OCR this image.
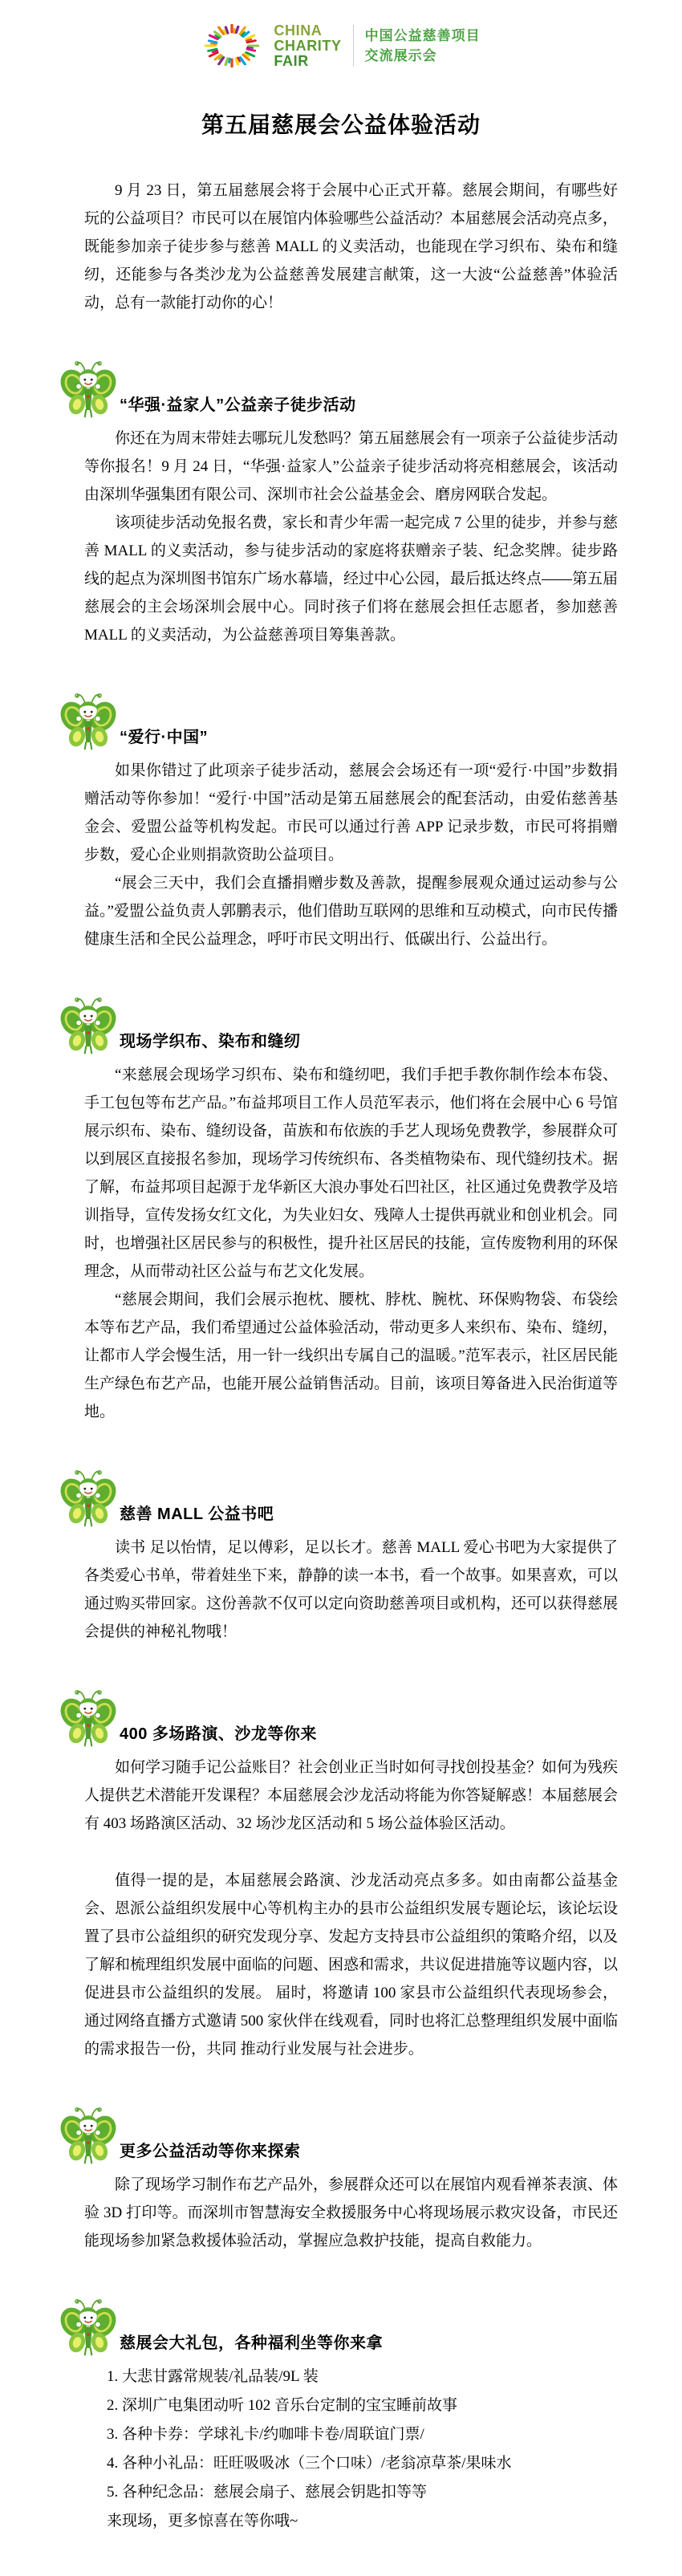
CHINA
CHARITY
FAIR
中国公益慈善项目
交流展示会
第五届慈展会公益体验活动

9 月 23 日，第五届慈展会将于会展中心正式开幕。慈展会期间，有哪些好玩的公益项目？市民可以在展馆内体验哪些公益活动？本届慈展会活动亮点多，既能参加亲子徒步参与慈善 MALL 的义卖活动，也能现在学习织布、染布和缝纫，还能参与各类沙龙为公益慈善发展建言献策，这一大波“公益慈善”体验活动，总有一款能打动你的心！

“华强·益家人”公益亲子徒步活动

你还在为周末带娃去哪玩儿发愁吗？第五届慈展会有一项亲子公益徒步活动等你报名！9 月 24 日，“华强·益家人”公益亲子徒步活动将亮相慈展会，该活动由深圳华强集团有限公司、深圳市社会公益基金会、磨房网联合发起。

该项徒步活动免报名费，家长和青少年需一起完成 7 公里的徒步，并参与慈善 MALL 的义卖活动，参与徒步活动的家庭将获赠亲子装、纪念奖牌。徒步路线的起点为深圳图书馆东广场水幕墙，经过中心公园，最后抵达终点——第五届慈展会的主会场深圳会展中心。同时孩子们将在慈展会担任志愿者，参加慈善 MALL 的义卖活动，为公益慈善项目筹集善款。

“爱行·中国”

如果你错过了此项亲子徒步活动，慈展会会场还有一项“爱行·中国”步数捐赠活动等你参加！“爱行·中国”活动是第五届慈展会的配套活动，由爱佑慈善基金会、爱盟公益等机构发起。市民可以通过行善 APP 记录步数，市民可将捐赠步数，爱心企业则捐款资助公益项目。

“展会三天中，我们会直播捐赠步数及善款，提醒参展观众通过运动参与公益。”爱盟公益负责人郭鹏表示，他们借助互联网的思维和互动模式，向市民传播健康生活和全民公益理念，呼吁市民文明出行、低碳出行、公益出行。

现场学织布、染布和缝纫

“来慈展会现场学习织布、染布和缝纫吧，我们手把手教你制作绘本布袋、手工包包等布艺产品。”布益邦项目工作人员范军表示，他们将在会展中心 6 号馆展示织布、染布、缝纫设备，苗族和布依族的手艺人现场免费教学，参展群众可以到展区直接报名参加，现场学习传统织布、各类植物染布、现代缝纫技术。据了解，布益邦项目起源于龙华新区大浪办事处石凹社区，社区通过免费教学及培训指导，宣传发扬女红文化，为失业妇女、残障人士提供再就业和创业机会。同时，也增强社区居民参与的积极性，提升社区居民的技能，宣传废物利用的环保理念，从而带动社区公益与布艺文化发展。

“慈展会期间，我们会展示抱枕、腰枕、脖枕、腕枕、环保购物袋、布袋绘本等布艺产品，我们希望通过公益体验活动，带动更多人来织布、染布、缝纫，让都市人学会慢生活，用一针一线织出专属自己的温暖。”范军表示，社区居民能生产绿色布艺产品，也能开展公益销售活动。目前，该项目筹备进入民治街道等地。

慈善 MALL 公益书吧

读书 足以怡情，足以傅彩，足以长才。慈善 MALL 爱心书吧为大家提供了各类爱心书单，带着娃坐下来，静静的读一本书，看一个故事。如果喜欢，可以通过购买带回家。这份善款不仅可以定向资助慈善项目或机构，还可以获得慈展会提供的神秘礼物哦！

400 多场路演、沙龙等你来

如何学习随手记公益账目？社会创业正当时如何寻找创投基金？如何为残疾人提供艺术潜能开发课程？本届慈展会沙龙活动将能为你答疑解惑！本届慈展会有 403 场路演区活动、32 场沙龙区活动和 5 场公益体验区活动。

值得一提的是，本届慈展会路演、沙龙活动亮点多多。如由南都公益基金会、恩派公益组织发展中心等机构主办的县市公益组织发展专题论坛，该论坛设置了县市公益组织的研究发现分享、发起方支持县市公益组织的策略介绍，以及了解和梳理组织发展中面临的问题、困惑和需求，共议促进措施等议题内容，以促进县市公益组织的发展。 届时，将邀请 100 家县市公益组织代表现场参会，通过网络直播方式邀请 500 家伙伴在线观看，同时也将汇总整理组织发展中面临的需求报告一份，共同 推动行业发展与社会进步。

更多公益活动等你来探索

除了现场学习制作布艺产品外，参展群众还可以在展馆内观看禅茶表演、体验 3D 打印等。而深圳市智慧海安全救援服务中心将现场展示救灾设备，市民还能现场参加紧急救援体验活动，掌握应急救护技能，提高自救能力。

慈展会大礼包，各种福利坐等你来拿

1. 大悲甘露常规装/礼品装/9L 装

2. 深圳广电集团动听 102 音乐台定制的宝宝睡前故事

3. 各种卡券：学球礼卡/约咖啡卡卷/周联谊门票/

4. 各种小礼品：旺旺吸吸冰（三个口味）/老翁凉草茶/果味水

5. 各种纪念品：慈展会扇子、慈展会钥匙扣等等

来现场，更多惊喜在等你哦~
